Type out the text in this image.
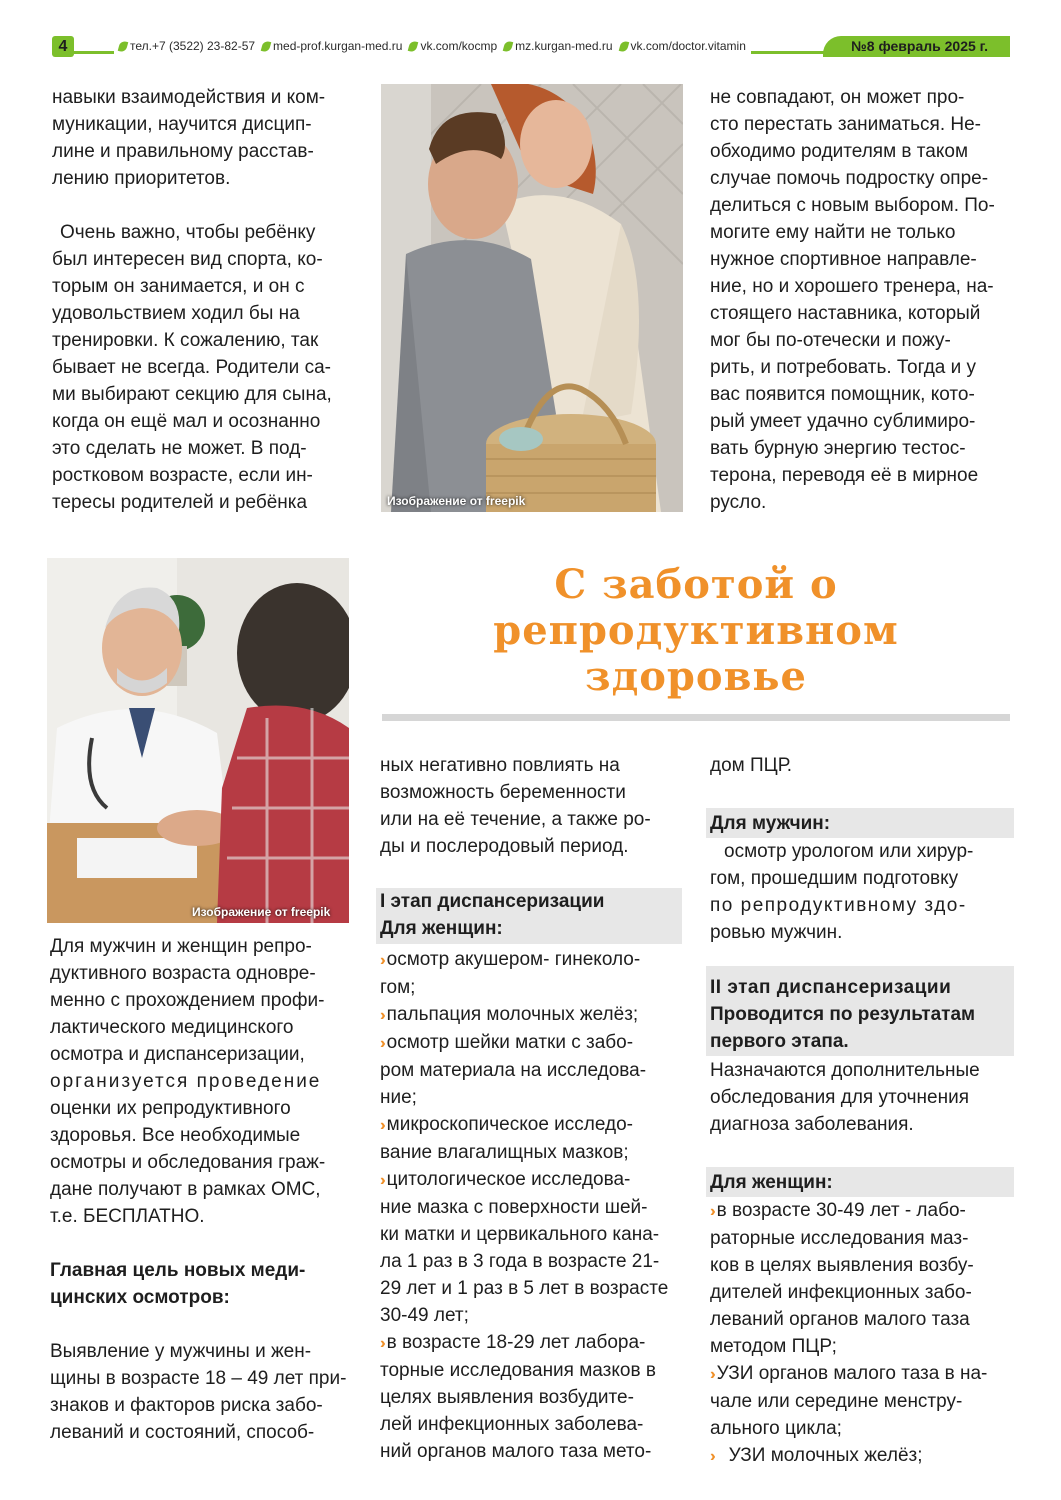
4	тел.+7 (3522) 23-82-57 med-prof.kurgan-med.ru vk.com/kocmp mz.kurgan-med.ru vk.com/doctor.vitamin	№8 февраль 2025 г.

навыки взаимодействия и ком-

муникации, научится дисцип-

лине и правильному расстав-

лению приоритетов.

Очень важно, чтобы ребёнку

был интересен вид спорта, ко-

торым он занимается, и он с

удовольствием ходил бы на

тренировки. К сожалению, так

бывает не всегда. Родители са-

ми выбирают секцию для сына,

когда он ещё мал и осознанно

это сделать не может. В под-

ростковом возрасте, если ин-

тересы родителей и ребёнка	Изображение от freepik

не совпадают, он может про-

сто перестать заниматься. Не-

обходимо родителям в таком

случае помочь подростку опре-

делиться с новым выбором. По-

могите ему найти не только

нужное спортивное направле-

ние, но и хорошего тренера, на-

стоящего наставника, который

мог бы по-отечески и пожу-

рить, и потребовать. Тогда и у

вас появится помощник, кото-

рый умеет удачно сублимиро-

вать бурную энергию тестос-

терона, переводя её в мирное

русло.

Изображение от freepik
С заботой о
репродуктивном
здоровье

Для мужчин и женщин репро-

дуктивного возраста одновре-

менно с прохождением профи-

лактического медицинского

осмотра и диспансеризации,

организуется проведение

оценки их репродуктивного

здоровья. Все необходимые

осмотры и обследования граж-

дане получают в рамках ОМС,

т.е. БЕСПЛАТНО.

Главная цель новых меди-

цинских осмотров:

Выявление у мужчины и жен-

щины в возрасте 18 – 49 лет при-

знаков и факторов риска забо-

леваний и состояний, способ-

ных негативно повлиять на

возможность беременности

или на её течение, а также ро-

ды и послеродовый период.

I этап диспансеризации
Для женщин:

›› осмотр акушером- гинеколо-

гом;

›› пальпация молочных желёз;

›› осмотр шейки матки с забо-

ром материала на исследова-

ние;

›› микроскопическое исследо-

вание влагалищных мазков;

›› цитологическое исследова-

ние мазка с поверхности шей-

ки матки и цервикального кана-

ла 1 раз в 3 года в возрасте 21-

29 лет и 1 раз в 5 лет в возрасте

30-49 лет;

›› в возрасте 18-29 лет лабора-

торные исследования мазков в

целях выявления возбудите-

лей инфекционных заболева-

ний органов малого таза мето-

дом ПЦР.

Для мужчин:

осмотр урологом или хирур-

гом, прошедшим подготовку

по репродуктивному здо-

ровью мужчин.

II этап диспансеризации
Проводится по результатам
первого этапа.

Назначаются дополнительные

обследования для уточнения

диагноза заболевания.

Для женщин:

›› в возрасте 30-49 лет - лабо-

раторные исследования маз-

ков в целях выявления возбу-

дителей инфекционных забо-

леваний органов малого таза

методом ПЦР;

›› УЗИ органов малого таза в на-

чале или середине менстру-

ального цикла;

›› УЗИ молочных желёз;
